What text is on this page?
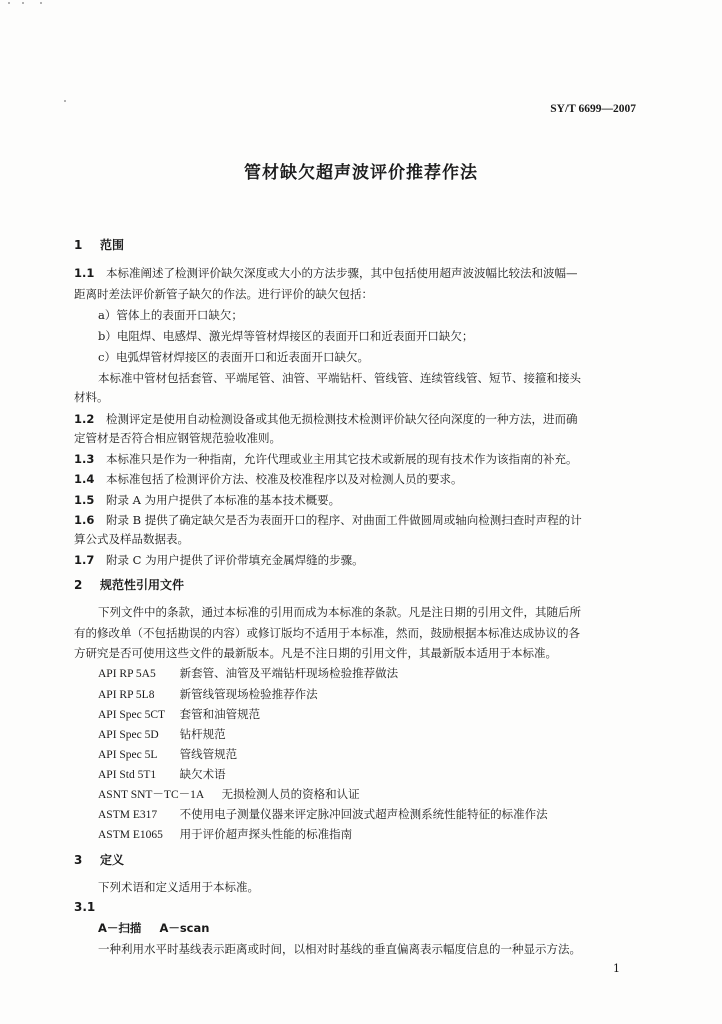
SY/T 6699—2007
管材缺欠超声波评价推荐作法
1 范围
1.1 本标准阐述了检测评价缺欠深度或大小的方法步骤，其中包括使用超声波波幅比较法和波幅—
距离时差法评价新管子缺欠的作法。进行评价的缺欠包括：
a）管体上的表面开口缺欠；
b）电阻焊、电感焊、激光焊等管材焊接区的表面开口和近表面开口缺欠；
c）电弧焊管材焊接区的表面开口和近表面开口缺欠。
本标准中管材包括套管、平端尾管、油管、平端钻杆、管线管、连续管线管、短节、接箍和接头
材料。
1.2 检测评定是使用自动检测设备或其他无损检测技术检测评价缺欠径向深度的一种方法，进而确
定管材是否符合相应钢管规范验收准则。
1.3 本标准只是作为一种指南，允许代理或业主用其它技术或新展的现有技术作为该指南的补充。
1.4 本标准包括了检测评价方法、校准及校准程序以及对检测人员的要求。
1.5 附录 A 为用户提供了本标准的基本技术概要。
1.6 附录 B 提供了确定缺欠是否为表面开口的程序、对曲面工件做圆周或轴向检测扫查时声程的计
算公式及样品数据表。
1.7 附录 C 为用户提供了评价带填充金属焊缝的步骤。
2 规范性引用文件
下列文件中的条款，通过本标准的引用而成为本标准的条款。凡是注日期的引用文件，其随后所
有的修改单（不包括勘误的内容）或修订版均不适用于本标准，然而，鼓励根据本标准达成协议的各
方研究是否可使用这些文件的最新版本。凡是不注日期的引用文件，其最新版本适用于本标准。
API RP 5A5 新套管、油管及平端钻杆现场检验推荐做法
API RP 5L8 新管线管现场检验推荐作法
API Spec 5CT 套管和油管规范
API Spec 5D 钻杆规范
API Spec 5L 管线管规范
API Std 5T1 缺欠术语
ASNT SNT－TC－1A 无损检测人员的资格和认证
ASTM E317 不使用电子测量仪器来评定脉冲回波式超声检测系统性能特征的标准作法
ASTM E1065 用于评价超声探头性能的标准指南
3 定义
下列术语和定义适用于本标准。
3.1
A－扫描 A－scan
一种利用水平时基线表示距离或时间，以相对时基线的垂直偏离表示幅度信息的一种显示方法。
1
